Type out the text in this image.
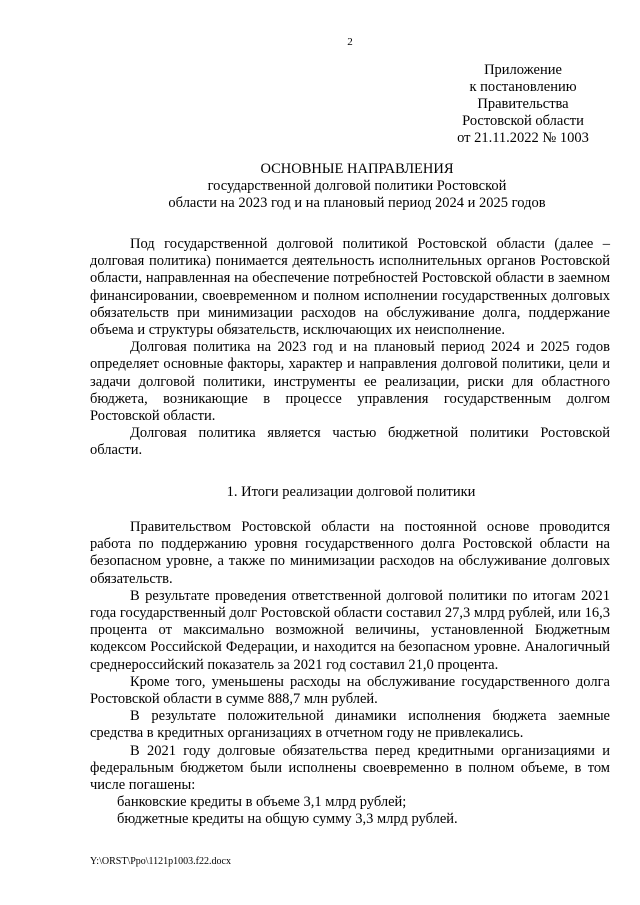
2
Приложение
к постановлению
Правительства
Ростовской области
от 21.11.2022 № 1003
ОСНОВНЫЕ НАПРАВЛЕНИЯ
государственной долговой политики Ростовской
области на 2023 год и на плановый период 2024 и 2025 годов

Под государственной долговой политикой Ростовской области (далее – долговая политика) понимается деятельность исполнительных органов Ростовской области, направленная на обеспечение потребностей Ростовской области в заемном финансировании, своевременном и полном исполнении государственных долговых обязательств при минимизации расходов на обслуживание долга, поддержание объема и структуры обязательств, исключающих их неисполнение.

Долговая политика на 2023 год и на плановый период 2024 и 2025 годов определяет основные факторы, характер и направления долговой политики, цели и задачи долговой политики, инструменты ее реализации, риски для областного бюджета, возникающие в процессе управления государственным долгом Ростовской области.

Долговая политика является частью бюджетной политики Ростовской области.

1. Итоги реализации долговой политики

Правительством Ростовской области на постоянной основе проводится работа по поддержанию уровня государственного долга Ростовской области на безопасном уровне, а также по минимизации расходов на обслуживание долговых обязательств.

В результате проведения ответственной долговой политики по итогам 2021 года государственный долг Ростовской области составил 27,3 млрд рублей, или 16,3 процента от максимально возможной величины, установленной Бюджетным кодексом Российской Федерации, и находится на безопасном уровне. Аналогичный среднероссийский показатель за 2021 год составил 21,0 процента.

Кроме того, уменьшены расходы на обслуживание государственного долга Ростовской области в сумме 888,7 млн рублей.

В результате положительной динамики исполнения бюджета заемные средства в кредитных организациях в отчетном году не привлекались.

В 2021 году долговые обязательства перед кредитными организациями и федеральным бюджетом были исполнены своевременно в полном объеме, в том числе погашены:

банковские кредиты в объеме 3,1 млрд рублей;

бюджетные кредиты на общую сумму 3,3 млрд рублей.

Y:\ORST\Ppo\1121p1003.f22.docx
